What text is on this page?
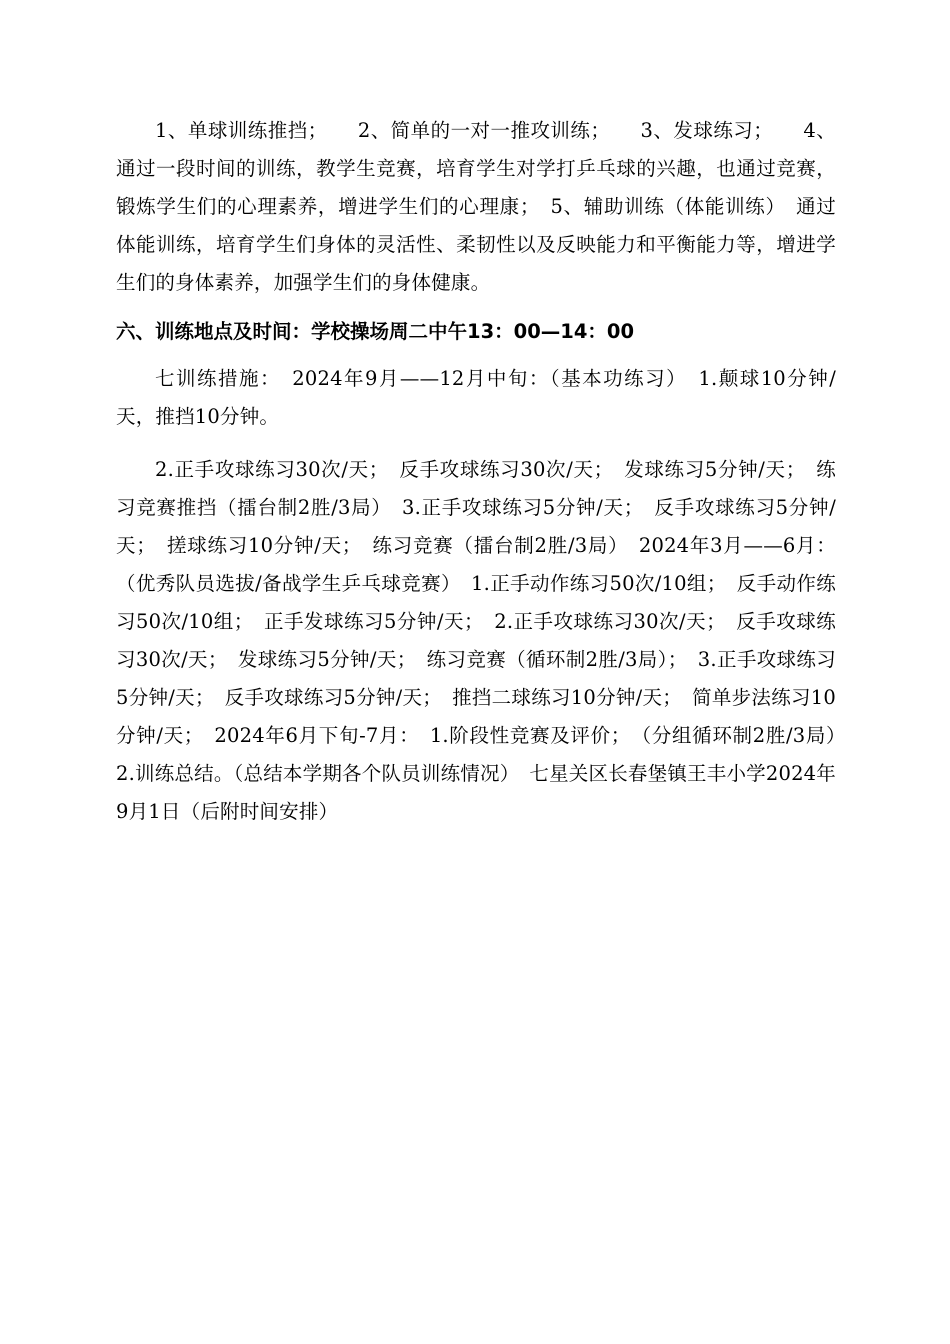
1、单球训练推挡；　　2、简单的一对一推攻训练；　　3、发球练习；　　4、通过一段时间的训练，教学生竞赛，培育学生对学打乒乓球的兴趣，也通过竞赛，锻炼学生们的心理素养，增进学生们的心理康；　5、辅助训练（体能训练）　通过体能训练，培育学生们身体的灵活性、柔韧性以及反映能力和平衡能力等，增进学生们的身体素养，加强学生们的身体健康。

六、训练地点及时间：学校操场周二中午13：00—14：00

七训练措施：　2024年9月——12月中旬：（基本功练习）　1.颠球10分钟/天，推挡10分钟。

2.正手攻球练习30次/天；　反手攻球练习30次/天；　发球练习5分钟/天；　练习竞赛推挡（擂台制2胜/3局）　3.正手攻球练习5分钟/天；　反手攻球练习5分钟/天；　搓球练习10分钟/天；　练习竞赛（擂台制2胜/3局）　2024年3月——6月：（优秀队员选拔/备战学生乒乓球竞赛）　1.正手动作练习50次/10组；　反手动作练习50次/10组；　正手发球练习5分钟/天；　2.正手攻球练习30次/天；　反手攻球练习30次/天；　发球练习5分钟/天；　练习竞赛（循环制2胜/3局）；　3.正手攻球练习5分钟/天；　反手攻球练习5分钟/天；　推挡二球练习10分钟/天；　简单步法练习10分钟/天；　2024年6月下旬-7月：　1.阶段性竞赛及评价；　（分组循环制2胜/3局）　2.训练总结。（总结本学期各个队员训练情况）　七星关区长春堡镇王丰小学2024年9月1日（后附时间安排）
